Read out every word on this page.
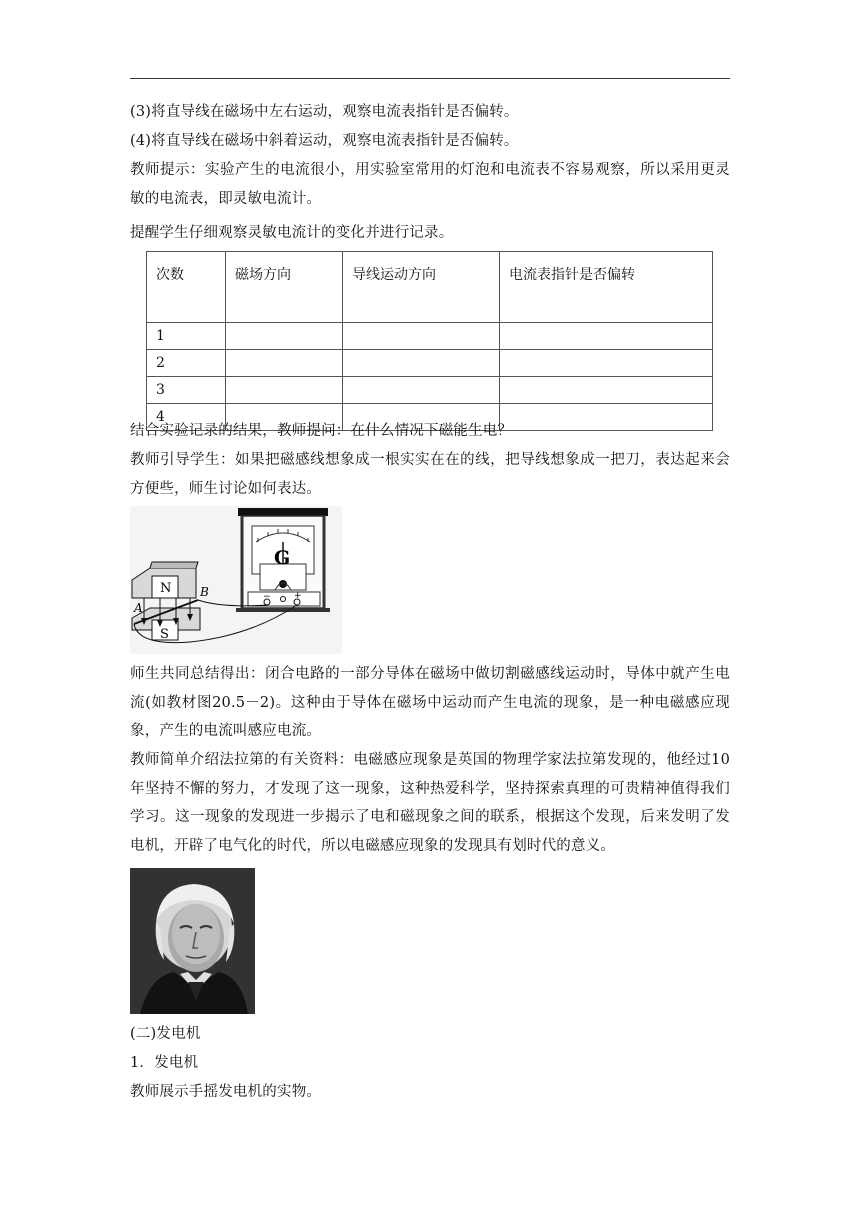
(3)将直导线在磁场中左右运动，观察电流表指针是否偏转。

(4)将直导线在磁场中斜着运动，观察电流表指针是否偏转。

教师提示：实验产生的电流很小，用实验室常用的灯泡和电流表不容易观察，所以采用更灵敏的电流表，即灵敏电流计。

提醒学生仔细观察灵敏电流计的变化并进行记录。

次数	磁场方向	导线运动方向	电流表指针是否偏转
1			
2			
3			
4			

结合实验记录的结果，教师提问：在什么情况下磁能生电？

教师引导学生：如果把磁感线想象成一根实实在在的线，把导线想象成一把刀，表达起来会方便些，师生讨论如何表达。

G
−	+
N
S
A
B

师生共同总结得出：闭合电路的一部分导体在磁场中做切割磁感线运动时，导体中就产生电流(如教材图20.5－2)。这种由于导体在磁场中运动而产生电流的现象，是一种电磁感应现象，产生的电流叫感应电流。

教师简单介绍法拉第的有关资料：电磁感应现象是英国的物理学家法拉第发现的，他经过10年坚持不懈的努力，才发现了这一现象，这种热爱科学，坚持探索真理的可贵精神值得我们学习。这一现象的发现进一步揭示了电和磁现象之间的联系，根据这个发现，后来发明了发电机，开辟了电气化的时代，所以电磁感应现象的发现具有划时代的意义。

(二)发电机

1．发电机

教师展示手摇发电机的实物。
